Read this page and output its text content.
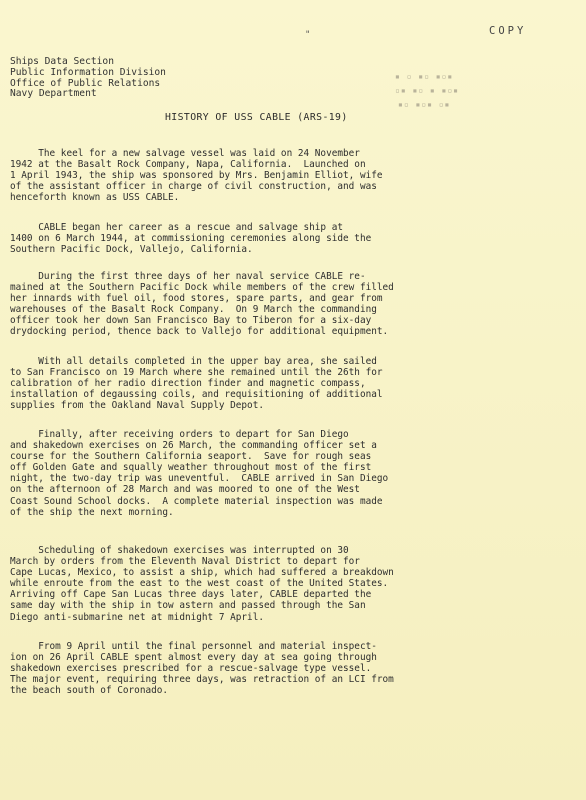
COPY
"
Ships Data Section
Public Information Division
Office of Public Relations
Navy Department
▪ ▫ ▪▫ ▪▫▪
▫▪ ▪▫ ▪ ▪▫▪
▪▫ ▪▫▪ ▫▪
HISTORY OF USS CABLE (ARS-19)
The keel for a new salvage vessel was laid on 24 November
1942 at the Basalt Rock Company, Napa, California.  Launched on
1 April 1943, the ship was sponsored by Mrs. Benjamin Elliot, wife
of the assistant officer in charge of civil construction, and was
henceforth known as USS CABLE.
CABLE began her career as a rescue and salvage ship at
1400 on 6 March 1944, at commissioning ceremonies along side the
Southern Pacific Dock, Vallejo, California.
During the first three days of her naval service CABLE re-
mained at the Southern Pacific Dock while members of the crew filled
her innards with fuel oil, food stores, spare parts, and gear from
warehouses of the Basalt Rock Company.  On 9 March the commanding
officer took her down San Francisco Bay to Tiberon for a six-day
drydocking period, thence back to Vallejo for additional equipment.
With all details completed in the upper bay area, she sailed
to San Francisco on 19 March where she remained until the 26th for
calibration of her radio direction finder and magnetic compass,
installation of degaussing coils, and requisitioning of additional
supplies from the Oakland Naval Supply Depot.
Finally, after receiving orders to depart for San Diego
and shakedown exercises on 26 March, the commanding officer set a
course for the Southern California seaport.  Save for rough seas
off Golden Gate and squally weather throughout most of the first
night, the two-day trip was uneventful.  CABLE arrived in San Diego
on the afternoon of 28 March and was moored to one of the West
Coast Sound School docks.  A complete material inspection was made
of the ship the next morning.
Scheduling of shakedown exercises was interrupted on 30
March by orders from the Eleventh Naval District to depart for
Cape Lucas, Mexico, to assist a ship, which had suffered a breakdown
while enroute from the east to the west coast of the United States.
Arriving off Cape San Lucas three days later, CABLE departed the
same day with the ship in tow astern and passed through the San
Diego anti-submarine net at midnight 7 April.
From 9 April until the final personnel and material inspect-
ion on 26 April CABLE spent almost every day at sea going through
shakedown exercises prescribed for a rescue-salvage type vessel.
The major event, requiring three days, was retraction of an LCI from
the beach south of Coronado.
